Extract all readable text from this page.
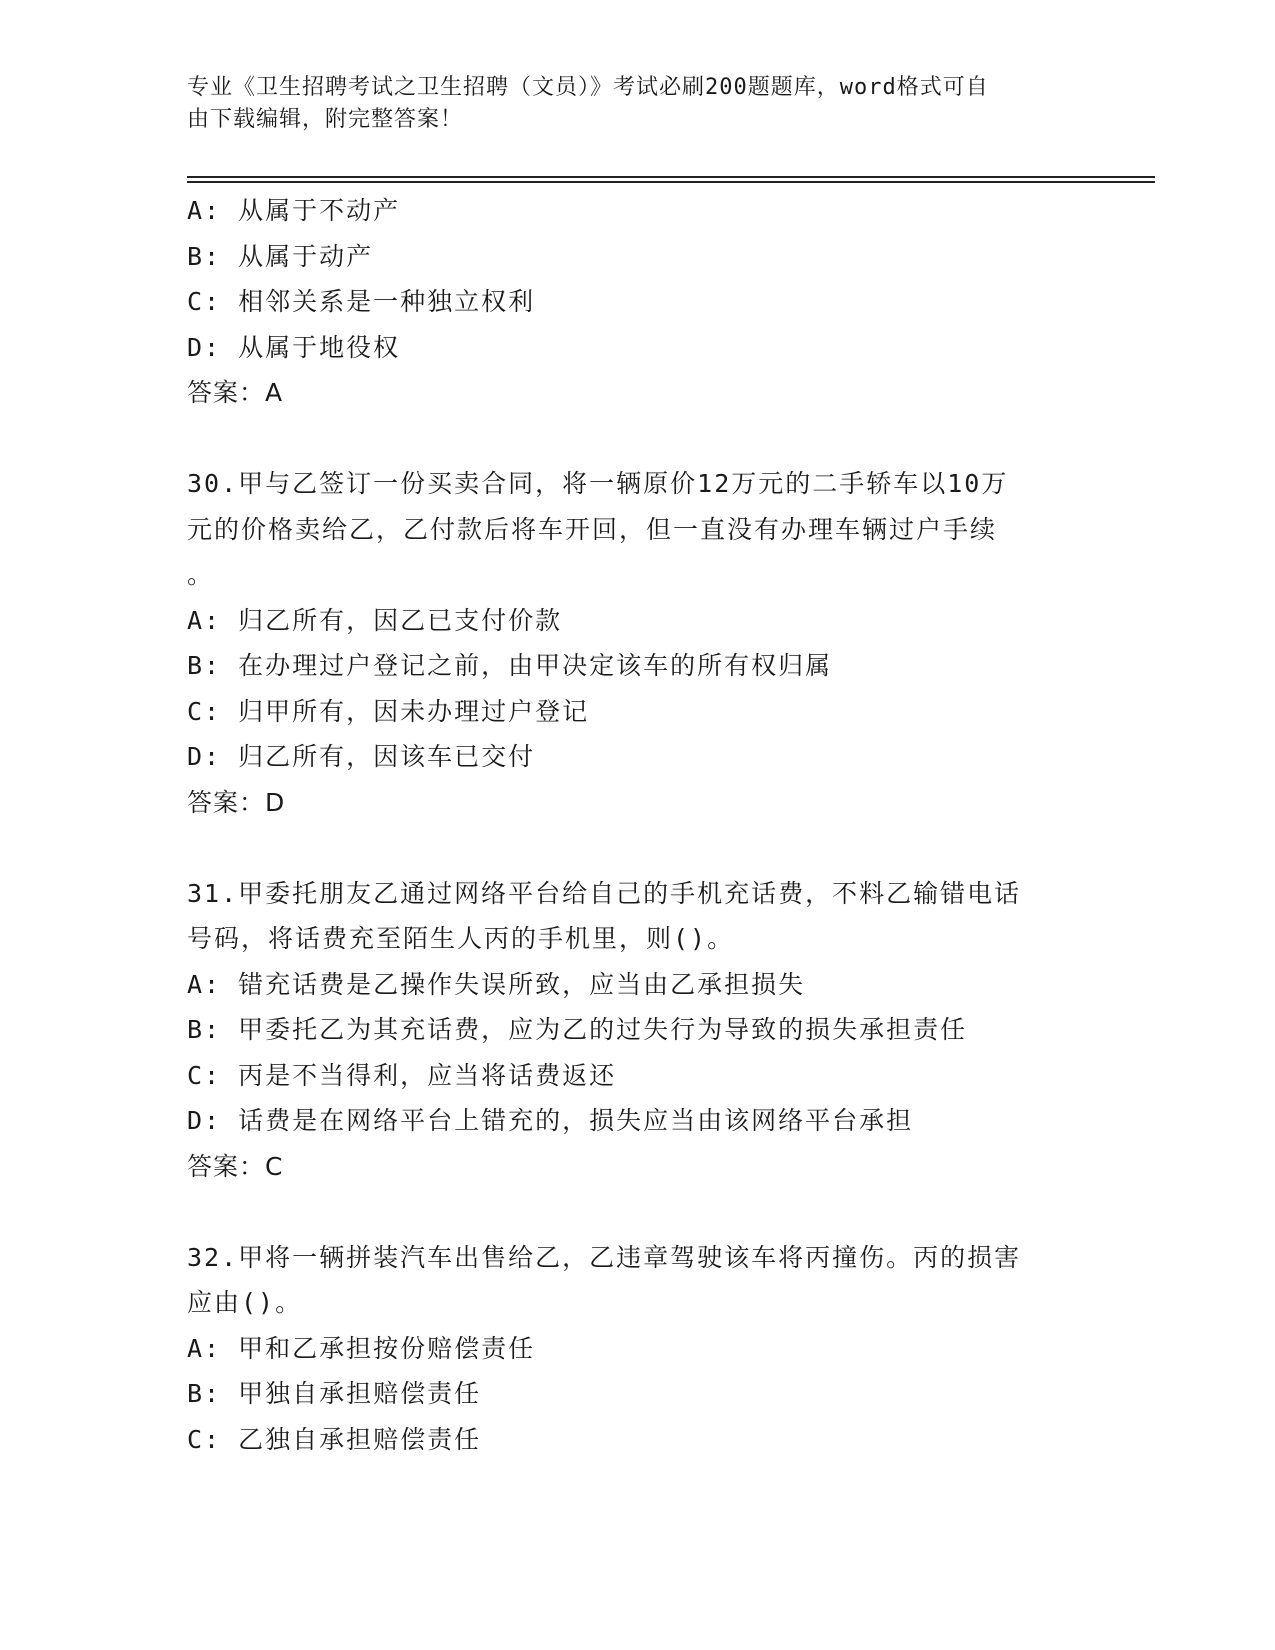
专业《卫生招聘考试之卫生招聘（文员）》考试必刷200题题库，word格式可自
由下载编辑，附完整答案！
A: 从属于不动产
B: 从属于动产
C: 相邻关系是一种独立权利
D: 从属于地役权
答案：A
30.甲与乙签订一份买卖合同，将一辆原价12万元的二手轿车以10万
元的价格卖给乙，乙付款后将车开回，但一直没有办理车辆过户手续
。
A: 归乙所有，因乙已支付价款
B: 在办理过户登记之前，由甲决定该车的所有权归属
C: 归甲所有，因未办理过户登记
D: 归乙所有，因该车已交付
答案：D
31.甲委托朋友乙通过网络平台给自己的手机充话费，不料乙输错电话
号码，将话费充至陌生人丙的手机里，则()。
A: 错充话费是乙操作失误所致，应当由乙承担损失
B: 甲委托乙为其充话费，应为乙的过失行为导致的损失承担责任
C: 丙是不当得利，应当将话费返还
D: 话费是在网络平台上错充的，损失应当由该网络平台承担
答案：C
32.甲将一辆拼装汽车出售给乙，乙违章驾驶该车将丙撞伤。丙的损害
应由()。
A: 甲和乙承担按份赔偿责任
B: 甲独自承担赔偿责任
C: 乙独自承担赔偿责任
